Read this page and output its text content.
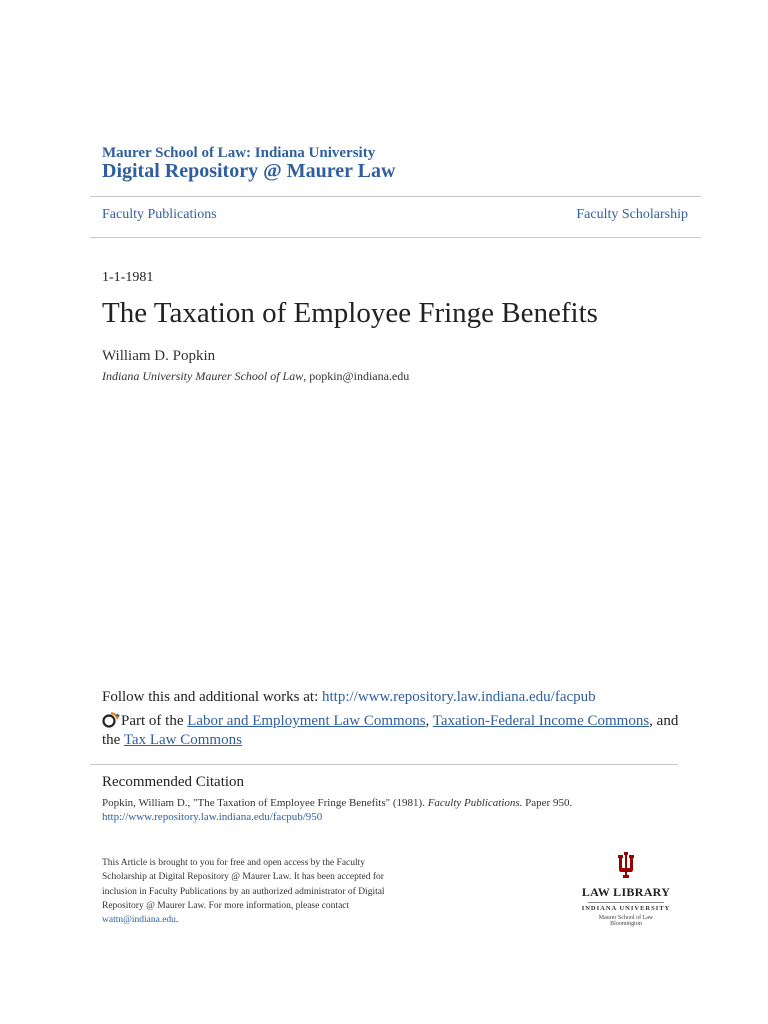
Maurer School of Law: Indiana University
Digital Repository @ Maurer Law
Faculty Publications	Faculty Scholarship
1-1-1981
The Taxation of Employee Fringe Benefits
William D. Popkin
Indiana University Maurer School of Law, popkin@indiana.edu
Follow this and additional works at: http://www.repository.law.indiana.edu/facpub
Part of the Labor and Employment Law Commons, Taxation-Federal Income Commons, and the Tax Law Commons
Recommended Citation
Popkin, William D., "The Taxation of Employee Fringe Benefits" (1981). Faculty Publications. Paper 950.
http://www.repository.law.indiana.edu/facpub/950
This Article is brought to you for free and open access by the Faculty Scholarship at Digital Repository @ Maurer Law. It has been accepted for inclusion in Faculty Publications by an authorized administrator of Digital Repository @ Maurer Law. For more information, please contact wattn@indiana.edu.
LAW LIBRARY
INDIANA UNIVERSITY
Maurer School of Law
Bloomington
